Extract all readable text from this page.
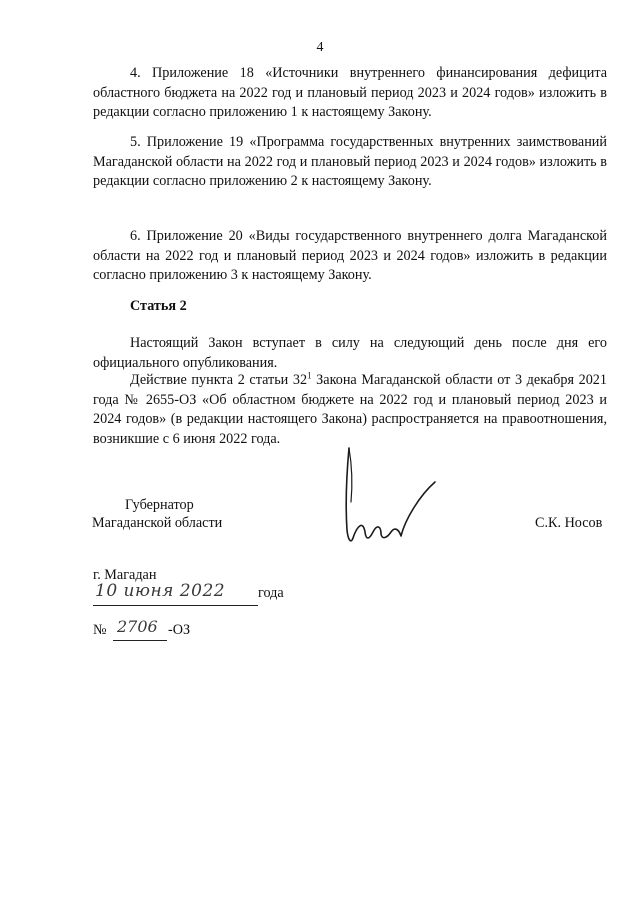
4

4. Приложение 18 «Источники внутреннего финансирования дефицита областного бюджета на 2022 год и плановый период 2023 и 2024 годов» изложить в редакции согласно приложению 1 к настоящему Закону.

5. Приложение 19 «Программа государственных внутренних заимствований Магаданской области на 2022 год и плановый период 2023 и 2024 годов» изложить в редакции согласно приложению 2 к настоящему Закону.

6. Приложение 20 «Виды государственного внутреннего долга Магаданской области на 2022 год и плановый период 2023 и 2024 годов» изложить в редакции согласно приложению 3 к настоящему Закону.

Статья 2

Настоящий Закон вступает в силу на следующий день после дня его официального опубликования.

Действие пункта 2 статьи $32^1$ Закона Магаданской области от 3 декабря 2021 года № 2655-ОЗ «Об областном бюджете на 2022 год и плановый период 2023 и 2024 годов» (в редакции настоящего Закона) распространяется на правоотношения, возникшие с 6 июня 2022 года.

Губернатор
Магаданской области	С.К. Носов
г. Магадан
10 июня 2022 года
№ 2706 -ОЗ
